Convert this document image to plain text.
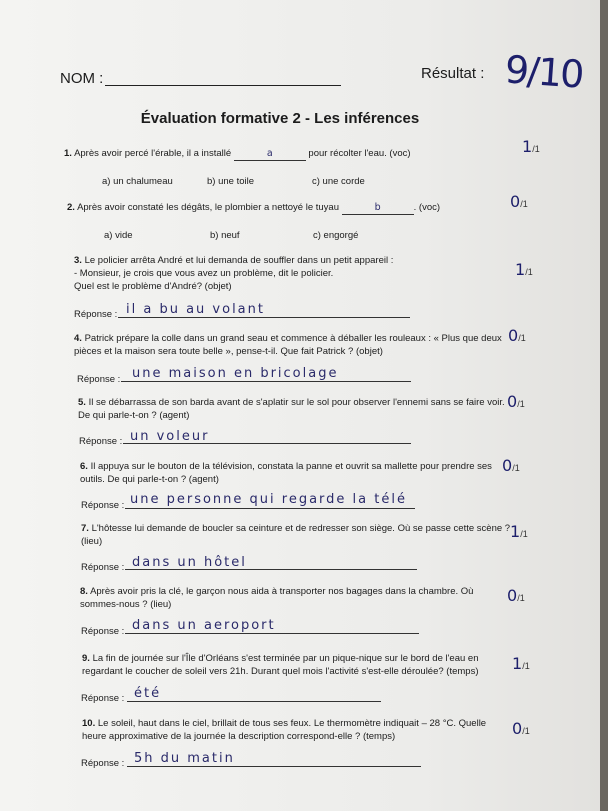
NOM :	Résultat : 9/10
Évaluation formative 2 - Les inférences
1. Après avoir percé l'érable, il a installé	a	pour récolter l'eau. (voc)
a) un chalumeau	b) une toile	c) une corde
1/1
2. Après avoir constaté les dégâts, le plombier a nettoyé le tuyau	b	. (voc)
a) vide	b) neuf	c) engorgé
0/1
3. Le policier arrêta André et lui demanda de souffler dans un petit appareil :
- Monsieur, je crois que vous avez un problème, dit le policier.
Quel est le problème d'André? (objet)
Réponse : il a bu au volant
1/1
4. Patrick prépare la colle dans un grand seau et commence à déballer les rouleaux : « Plus que deux pièces et la maison sera toute belle », pense-t-il. Que fait Patrick ? (objet)
Réponse : une maison en bricolage
0/1
5. Il se débarrassa de son barda avant de s'aplatir sur le sol pour observer l'ennemi sans se faire voir. De qui parle-t-on ? (agent)
Réponse : un voleur
0/1
6. Il appuya sur le bouton de la télévision, constata la panne et ouvrit sa mallette pour prendre ses outils. De qui parle-t-on ? (agent)
Réponse : une personne qui regarde la télé
0/1
7. L'hôtesse lui demande de boucler sa ceinture et de redresser son siège. Où se passe cette scène ? (lieu)
Réponse : dans un hôtel
1/1
8. Après avoir pris la clé, le garçon nous aida à transporter nos bagages dans la chambre. Où sommes-nous ? (lieu)
Réponse : dans un aeroport
0/1
9. La fin de journée sur l'Île d'Orléans s'est terminée par un pique-nique sur le bord de l'eau en regardant le coucher de soleil vers 21h. Durant quel mois l'activité s'est-elle déroulée? (temps)
Réponse : été
1/1
10. Le soleil, haut dans le ciel, brillait de tous ses feux. Le thermomètre indiquait – 28 °C. Quelle heure approximative de la journée la description correspond-elle ? (temps)
Réponse : 5h du matin
0/1
